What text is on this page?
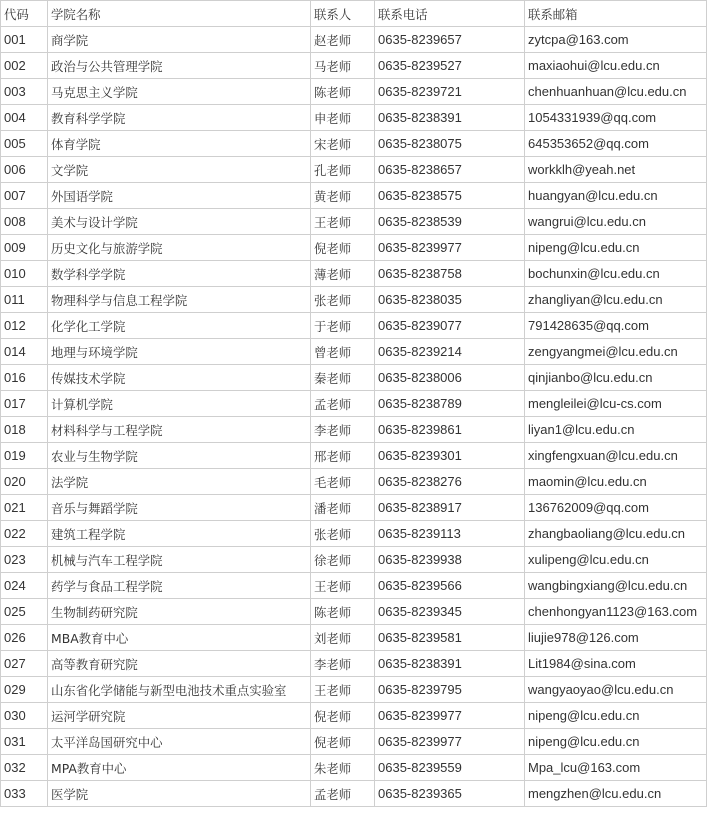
代码	学院名称	联系人	联系电话	联系邮箱
001	商学院	赵老师	0635-8239657	zytcpa@163.com
002	政治与公共管理学院	马老师	0635-8239527	maxiaohui@lcu.edu.cn
003	马克思主义学院	陈老师	0635-8239721	chenhuanhuan@lcu.edu.cn
004	教育科学学院	申老师	0635-8238391	1054331939@qq.com
005	体育学院	宋老师	0635-8238075	645353652@qq.com
006	文学院	孔老师	0635-8238657	workklh@yeah.net
007	外国语学院	黄老师	0635-8238575	huangyan@lcu.edu.cn
008	美术与设计学院	王老师	0635-8238539	wangrui@lcu.edu.cn
009	历史文化与旅游学院	倪老师	0635-8239977	nipeng@lcu.edu.cn
010	数学科学学院	薄老师	0635-8238758	bochunxin@lcu.edu.cn
011	物理科学与信息工程学院	张老师	0635-8238035	zhangliyan@lcu.edu.cn
012	化学化工学院	于老师	0635-8239077	791428635@qq.com
014	地理与环境学院	曾老师	0635-8239214	zengyangmei@lcu.edu.cn
016	传媒技术学院	秦老师	0635-8238006	qinjianbo@lcu.edu.cn
017	计算机学院	孟老师	0635-8238789	mengleilei@lcu-cs.com
018	材料科学与工程学院	李老师	0635-8239861	liyan1@lcu.edu.cn
019	农业与生物学院	邢老师	0635-8239301	xingfengxuan@lcu.edu.cn
020	法学院	毛老师	0635-8238276	maomin@lcu.edu.cn
021	音乐与舞蹈学院	潘老师	0635-8238917	136762009@qq.com
022	建筑工程学院	张老师	0635-8239113	zhangbaoliang@lcu.edu.cn
023	机械与汽车工程学院	徐老师	0635-8239938	xulipeng@lcu.edu.cn
024	药学与食品工程学院	王老师	0635-8239566	wangbingxiang@lcu.edu.cn
025	生物制药研究院	陈老师	0635-8239345	chenhongyan1123@163.com
026	MBA教育中心	刘老师	0635-8239581	liujie978@126.com
027	高等教育研究院	李老师	0635-8238391	Lit1984@sina.com
029	山东省化学储能与新型电池技术重点实验室	王老师	0635-8239795	wangyaoyao@lcu.edu.cn
030	运河学研究院	倪老师	0635-8239977	nipeng@lcu.edu.cn
031	太平洋岛国研究中心	倪老师	0635-8239977	nipeng@lcu.edu.cn
032	MPA教育中心	朱老师	0635-8239559	Mpa_lcu@163.com
033	医学院	孟老师	0635-8239365	mengzhen@lcu.edu.cn
